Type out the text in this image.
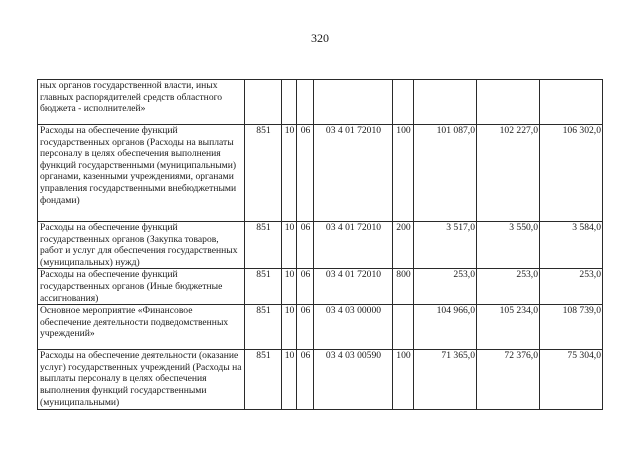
320
ных органов государственной власти, иных главных распорядителей средств областного бюджета - исполнителей»								
Расходы на обеспечение функций государственных органов (Расходы на выплаты персоналу в целях обеспечения выполнения функций государственными (муниципальными) органами, казенными учреждениями, органами управления государственными внебюджетными фондами)	851	10	06	03 4 01 72010	100	101 087,0	102 227,0	106 302,0
Расходы на обеспечение функций государственных органов (Закупка товаров, работ и услуг для обеспечения государственных (муниципальных) нужд)	851	10	06	03 4 01 72010	200	3 517,0	3 550,0	3 584,0
Расходы на обеспечение функций государственных органов (Иные бюджетные ассигнования)	851	10	06	03 4 01 72010	800	253,0	253,0	253,0
Основное мероприятие «Финансовое обеспечение деятельности подведомственных учреждений»	851	10	06	03 4 03 00000		104 966,0	105 234,0	108 739,0
Расходы на обеспечение деятельности (оказание услуг) государственных учреждений (Расходы на выплаты персоналу в целях обеспечения выполнения функций государственными (муниципальными)	851	10	06	03 4 03 00590	100	71 365,0	72 376,0	75 304,0
